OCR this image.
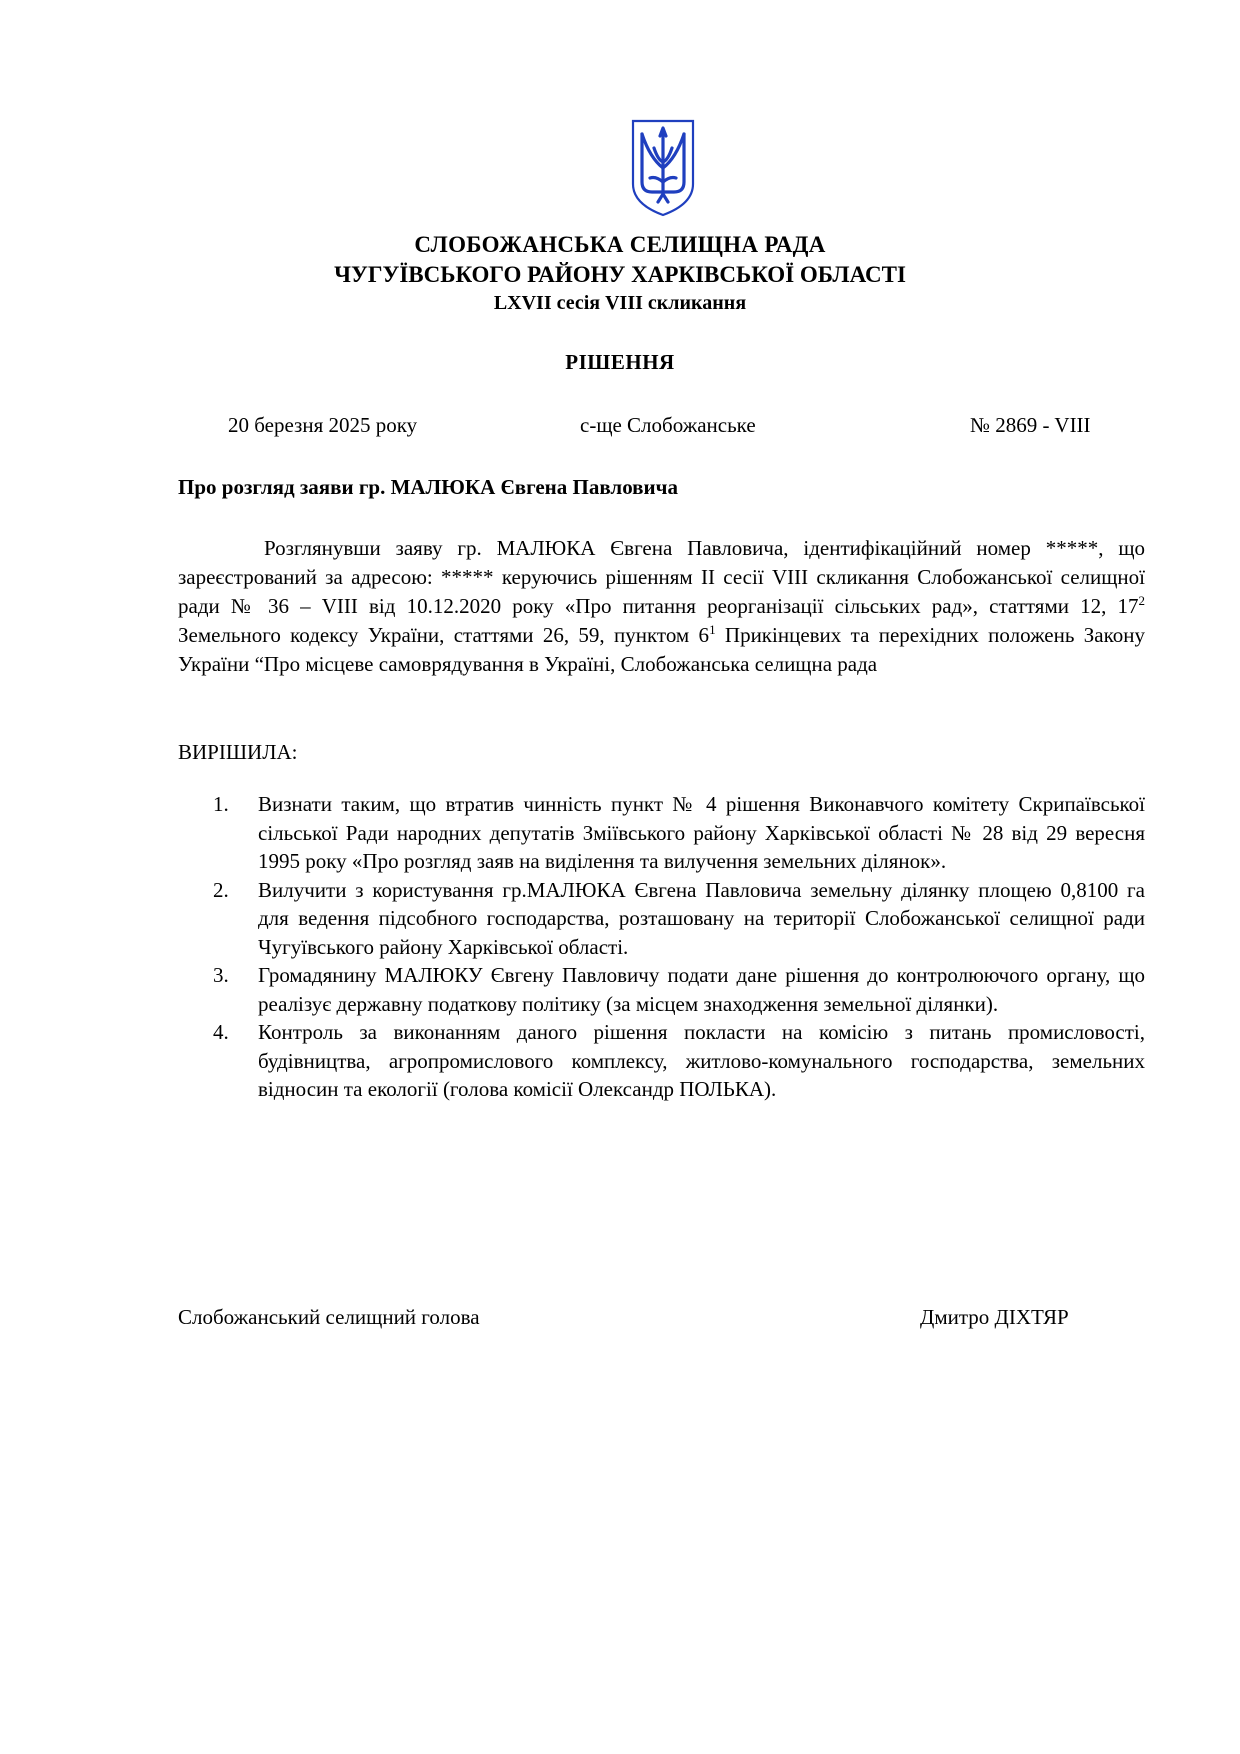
СЛОБОЖАНСЬКА СЕЛИЩНА РАДА
ЧУГУЇВСЬКОГО РАЙОНУ ХАРКІВСЬКОЇ ОБЛАСТІ
LXVII сесія VIII скликання
РІШЕННЯ
20 березня 2025 року	с-ще Слобожанське	№ 2869 - VIII
Про розгляд заяви гр. МАЛЮКА Євгена Павловича

Розглянувши заяву гр. МАЛЮКА Євгена Павловича, ідентифікаційний номер *****, що зареєстрований за адресою: ***** керуючись рішенням ІІ сесії VIII скликання Слобожанської селищної ради № 36 – VIII від 10.12.2020 року «Про питання реорганізації сільських рад», статтями 12, $17^2$ Земельного кодексу України, статтями 26, 59, пунктом $6^1$ Прикінцевих та перехідних положень Закону України “Про місцеве самоврядування в Україні, Слобожанська селищна рада

ВИРІШИЛА:
1. Визнати таким, що втратив чинність пункт № 4 рішення Виконавчого комітету Скрипаївської сільської Ради народних депутатів Зміївського району Харківської області № 28 від 29 вересня 1995 року «Про розгляд заяв на виділення та вилучення земельних ділянок».
2. Вилучити з користування гр.МАЛЮКА Євгена Павловича земельну ділянку площею 0,8100 га для ведення підсобного господарства, розташовану на території Слобожанської селищної ради Чугуївського району Харківської області.
3. Громадянину МАЛЮКУ Євгену Павловичу подати дане рішення до контролюючого органу, що реалізує державну податкову політику (за місцем знаходження земельної ділянки).
4. Контроль за виконанням даного рішення покласти на комісію з питань промисловості, будівництва, агропромислового комплексу, житлово-комунального господарства, земельних відносин та екології (голова комісії Олександр ПОЛЬКА).
Слобожанський селищний голова	Дмитро ДІХТЯР
